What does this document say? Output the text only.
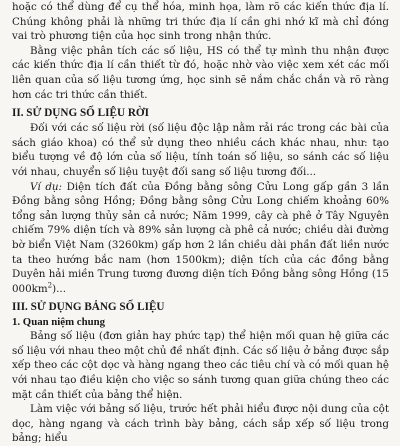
hoặc có thể dùng để cụ thể hóa, minh họa, làm rõ các kiến thức địa lí. Chúng không phải là những tri thức địa lí cần ghi nhớ kĩ mà chỉ đóng vai trò phương tiện của học sinh trong nhận thức.

Bằng việc phân tích các số liệu, HS có thể tự mình thu nhận được các kiến thức địa lí cần thiết từ đó, hoặc nhờ vào việc xem xét các mối liên quan của số liệu tương ứng, học sinh sẽ nắm chắc chắn và rõ ràng hơn các tri thức cần thiết.

II. SỬ DỤNG SỐ LIỆU RỜI

Đối với các số liệu rời (số liệu độc lập nằm rải rác trong các bài của sách giáo khoa) có thể sử dụng theo nhiều cách khác nhau, như: tạo biểu tượng về độ lớn của số liệu, tính toán số liệu, so sánh các số liệu với nhau, chuyển số liệu tuyệt đối sang số liệu tương đối...

Ví dụ: Diện tích đất của Đồng bằng sông Cửu Long gấp gần 3 lần Đồng bằng sông Hồng; Đồng bằng sông Cửu Long chiếm khoảng 60% tổng sản lượng thủy sản cả nước; Năm 1999, cây cà phê ở Tây Nguyên chiếm 79% diện tích và 89% sản lượng cà phê cả nước; chiều dài đường bờ biển Việt Nam (3260km) gấp hơn 2 lần chiều dài phần đất liền nước ta theo hướng bắc nam (hơn 1500km); diện tích của các đồng bằng Duyên hải miền Trung tương đương diện tích Đồng bằng sông Hồng (15 $000km^2$)...

III. SỬ DỤNG BẢNG SỐ LIỆU
1. Quan niệm chung

Bảng số liệu (đơn giản hay phức tạp) thể hiện mối quan hệ giữa các số liệu với nhau theo một chủ đề nhất định. Các số liệu ở bảng được sắp xếp theo các cột dọc và hàng ngang theo các tiêu chí và có mối quan hệ với nhau tạo điều kiện cho việc so sánh tương quan giữa chúng theo các mặt cần thiết của bảng thể hiện.

Làm việc với bảng số liệu, trước hết phải hiểu được nội dung của cột dọc, hàng ngang và cách trình bày bảng, cách sắp xếp số liệu trong bảng; hiểu
